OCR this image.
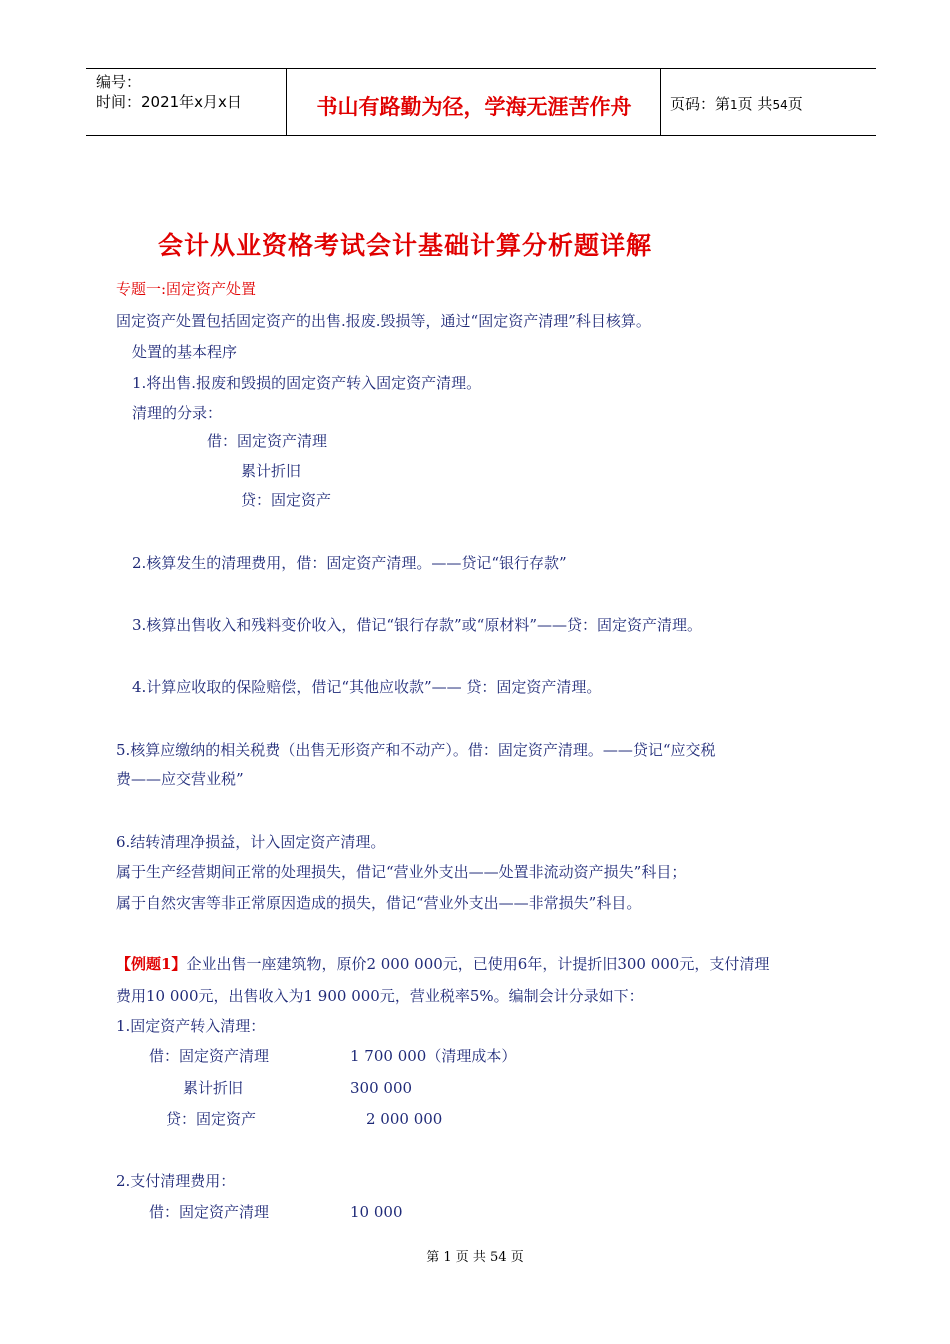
编号：
时间：2021年x月x日	书山有路勤为径，学海无涯苦作舟	页码：第1页 共54页
会计从业资格考试会计基础计算分析题详解
专题一:固定资产处置
固定资产处置包括固定资产的出售.报废.毁损等，通过“固定资产清理”科目核算。
处置的基本程序
1.将出售.报废和毁损的固定资产转入固定资产清理。
清理的分录：
借：固定资产清理
累计折旧
贷：固定资产
2.核算发生的清理费用，借：固定资产清理。——贷记“银行存款”
3.核算出售收入和残料变价收入，借记“银行存款”或“原材料”——贷：固定资产清理。
4.计算应收取的保险赔偿，借记“其他应收款”—— 贷：固定资产清理。
5.核算应缴纳的相关税费（出售无形资产和不动产）。借：固定资产清理。——贷记“应交税
费——应交营业税”
6.结转清理净损益，计入固定资产清理。
属于生产经营期间正常的处理损失，借记“营业外支出——处置非流动资产损失”科目；
属于自然灾害等非正常原因造成的损失，借记“营业外支出——非常损失”科目。
【例题1】企业出售一座建筑物，原价2 000 000元，已使用6年，计提折旧300 000元，支付清理
费用10 000元，出售收入为1 900 000元，营业税率5%。编制会计分录如下：
1.固定资产转入清理：
借：固定资产清理	1 700 000（清理成本）
累计折旧	300 000
贷：固定资产	2 000 000
2.支付清理费用：
借：固定资产清理	10 000
第 1 页 共 54 页
